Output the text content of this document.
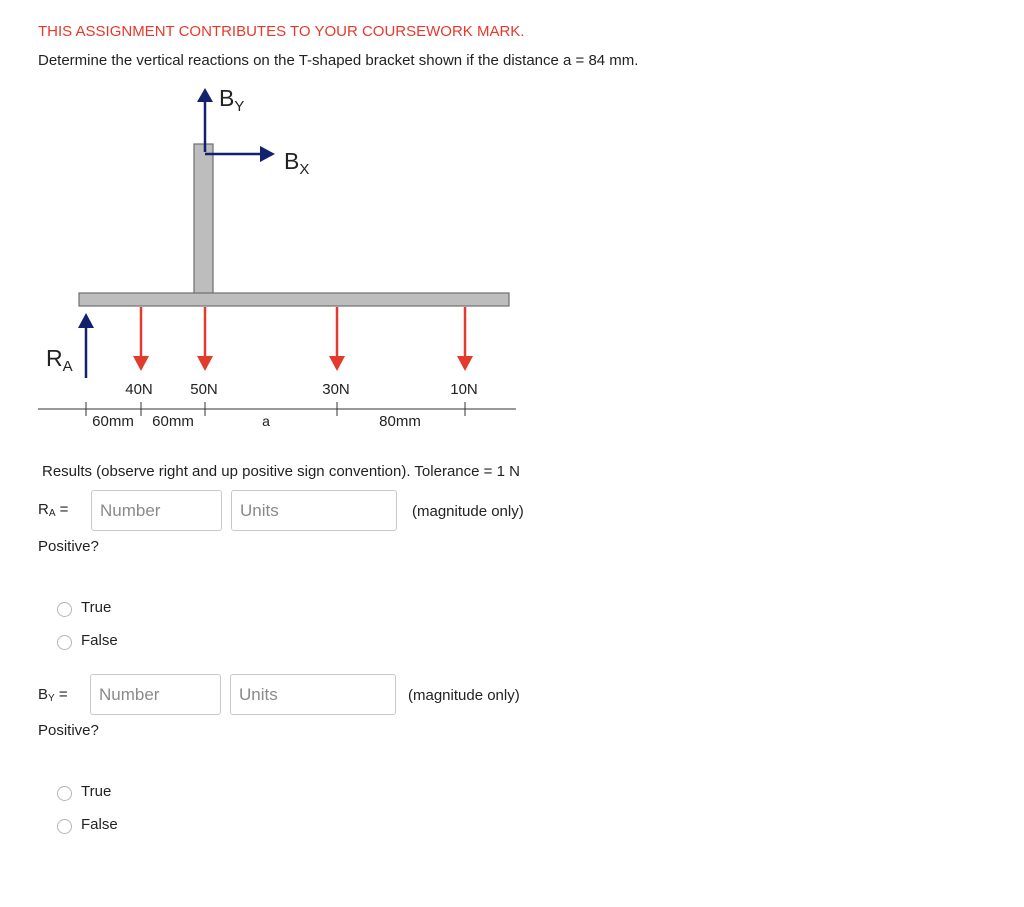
THIS ASSIGNMENT CONTRIBUTES TO YOUR COURSEWORK MARK.
Determine the vertical reactions on the T-shaped bracket shown if the distance a = 84 mm.
$B_Y$
$B_X$
$R_A$
40N 50N	30N	10N
60mm 60mm	a	80mm
Results (observe right and up positive sign convention). Tolerance = 1 N
$R_A$ =
Number
Units	(magnitude only)
Positive?
True
False
$B_Y$ =
Number
Units	(magnitude only)
Positive?
True
False
